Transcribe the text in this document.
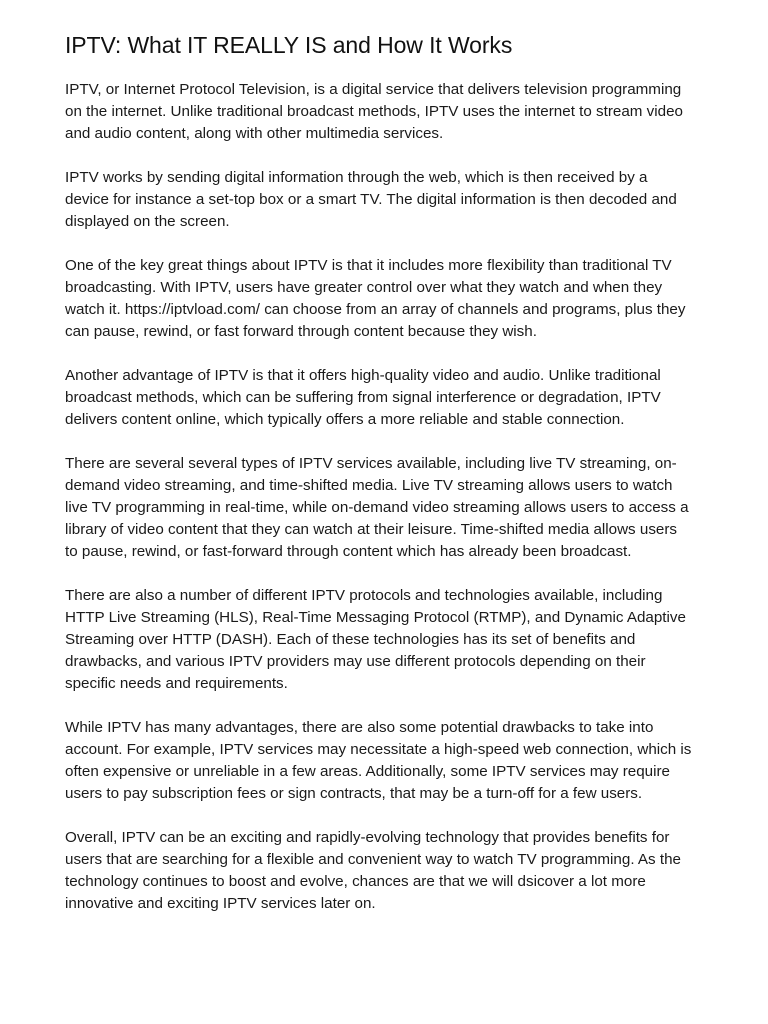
IPTV: What IT REALLY IS and How It Works

IPTV, or Internet Protocol Television, is a digital service that delivers television programming
on the internet. Unlike traditional broadcast methods, IPTV uses the internet to stream video
and audio content, along with other multimedia services.

IPTV works by sending digital information through the web, which is then received by a
device for instance a set-top box or a smart TV. The digital information is then decoded and
displayed on the screen.

One of the key great things about IPTV is that it includes more flexibility than traditional TV
broadcasting. With IPTV, users have greater control over what they watch and when they
watch it. https://iptvload.com/ can choose from an array of channels and programs, plus they
can pause, rewind, or fast forward through content because they wish.

Another advantage of IPTV is that it offers high-quality video and audio. Unlike traditional
broadcast methods, which can be suffering from signal interference or degradation, IPTV
delivers content online, which typically offers a more reliable and stable connection.

There are several several types of IPTV services available, including live TV streaming, on-
demand video streaming, and time-shifted media. Live TV streaming allows users to watch
live TV programming in real-time, while on-demand video streaming allows users to access a
library of video content that they can watch at their leisure. Time-shifted media allows users
to pause, rewind, or fast-forward through content which has already been broadcast.

There are also a number of different IPTV protocols and technologies available, including
HTTP Live Streaming (HLS), Real-Time Messaging Protocol (RTMP), and Dynamic Adaptive
Streaming over HTTP (DASH). Each of these technologies has its set of benefits and
drawbacks, and various IPTV providers may use different protocols depending on their
specific needs and requirements.

While IPTV has many advantages, there are also some potential drawbacks to take into
account. For example, IPTV services may necessitate a high-speed web connection, which is
often expensive or unreliable in a few areas. Additionally, some IPTV services may require
users to pay subscription fees or sign contracts, that may be a turn-off for a few users.

Overall, IPTV can be an exciting and rapidly-evolving technology that provides benefits for
users that are searching for a flexible and convenient way to watch TV programming. As the
technology continues to boost and evolve, chances are that we will dsicover a lot more
innovative and exciting IPTV services later on.
